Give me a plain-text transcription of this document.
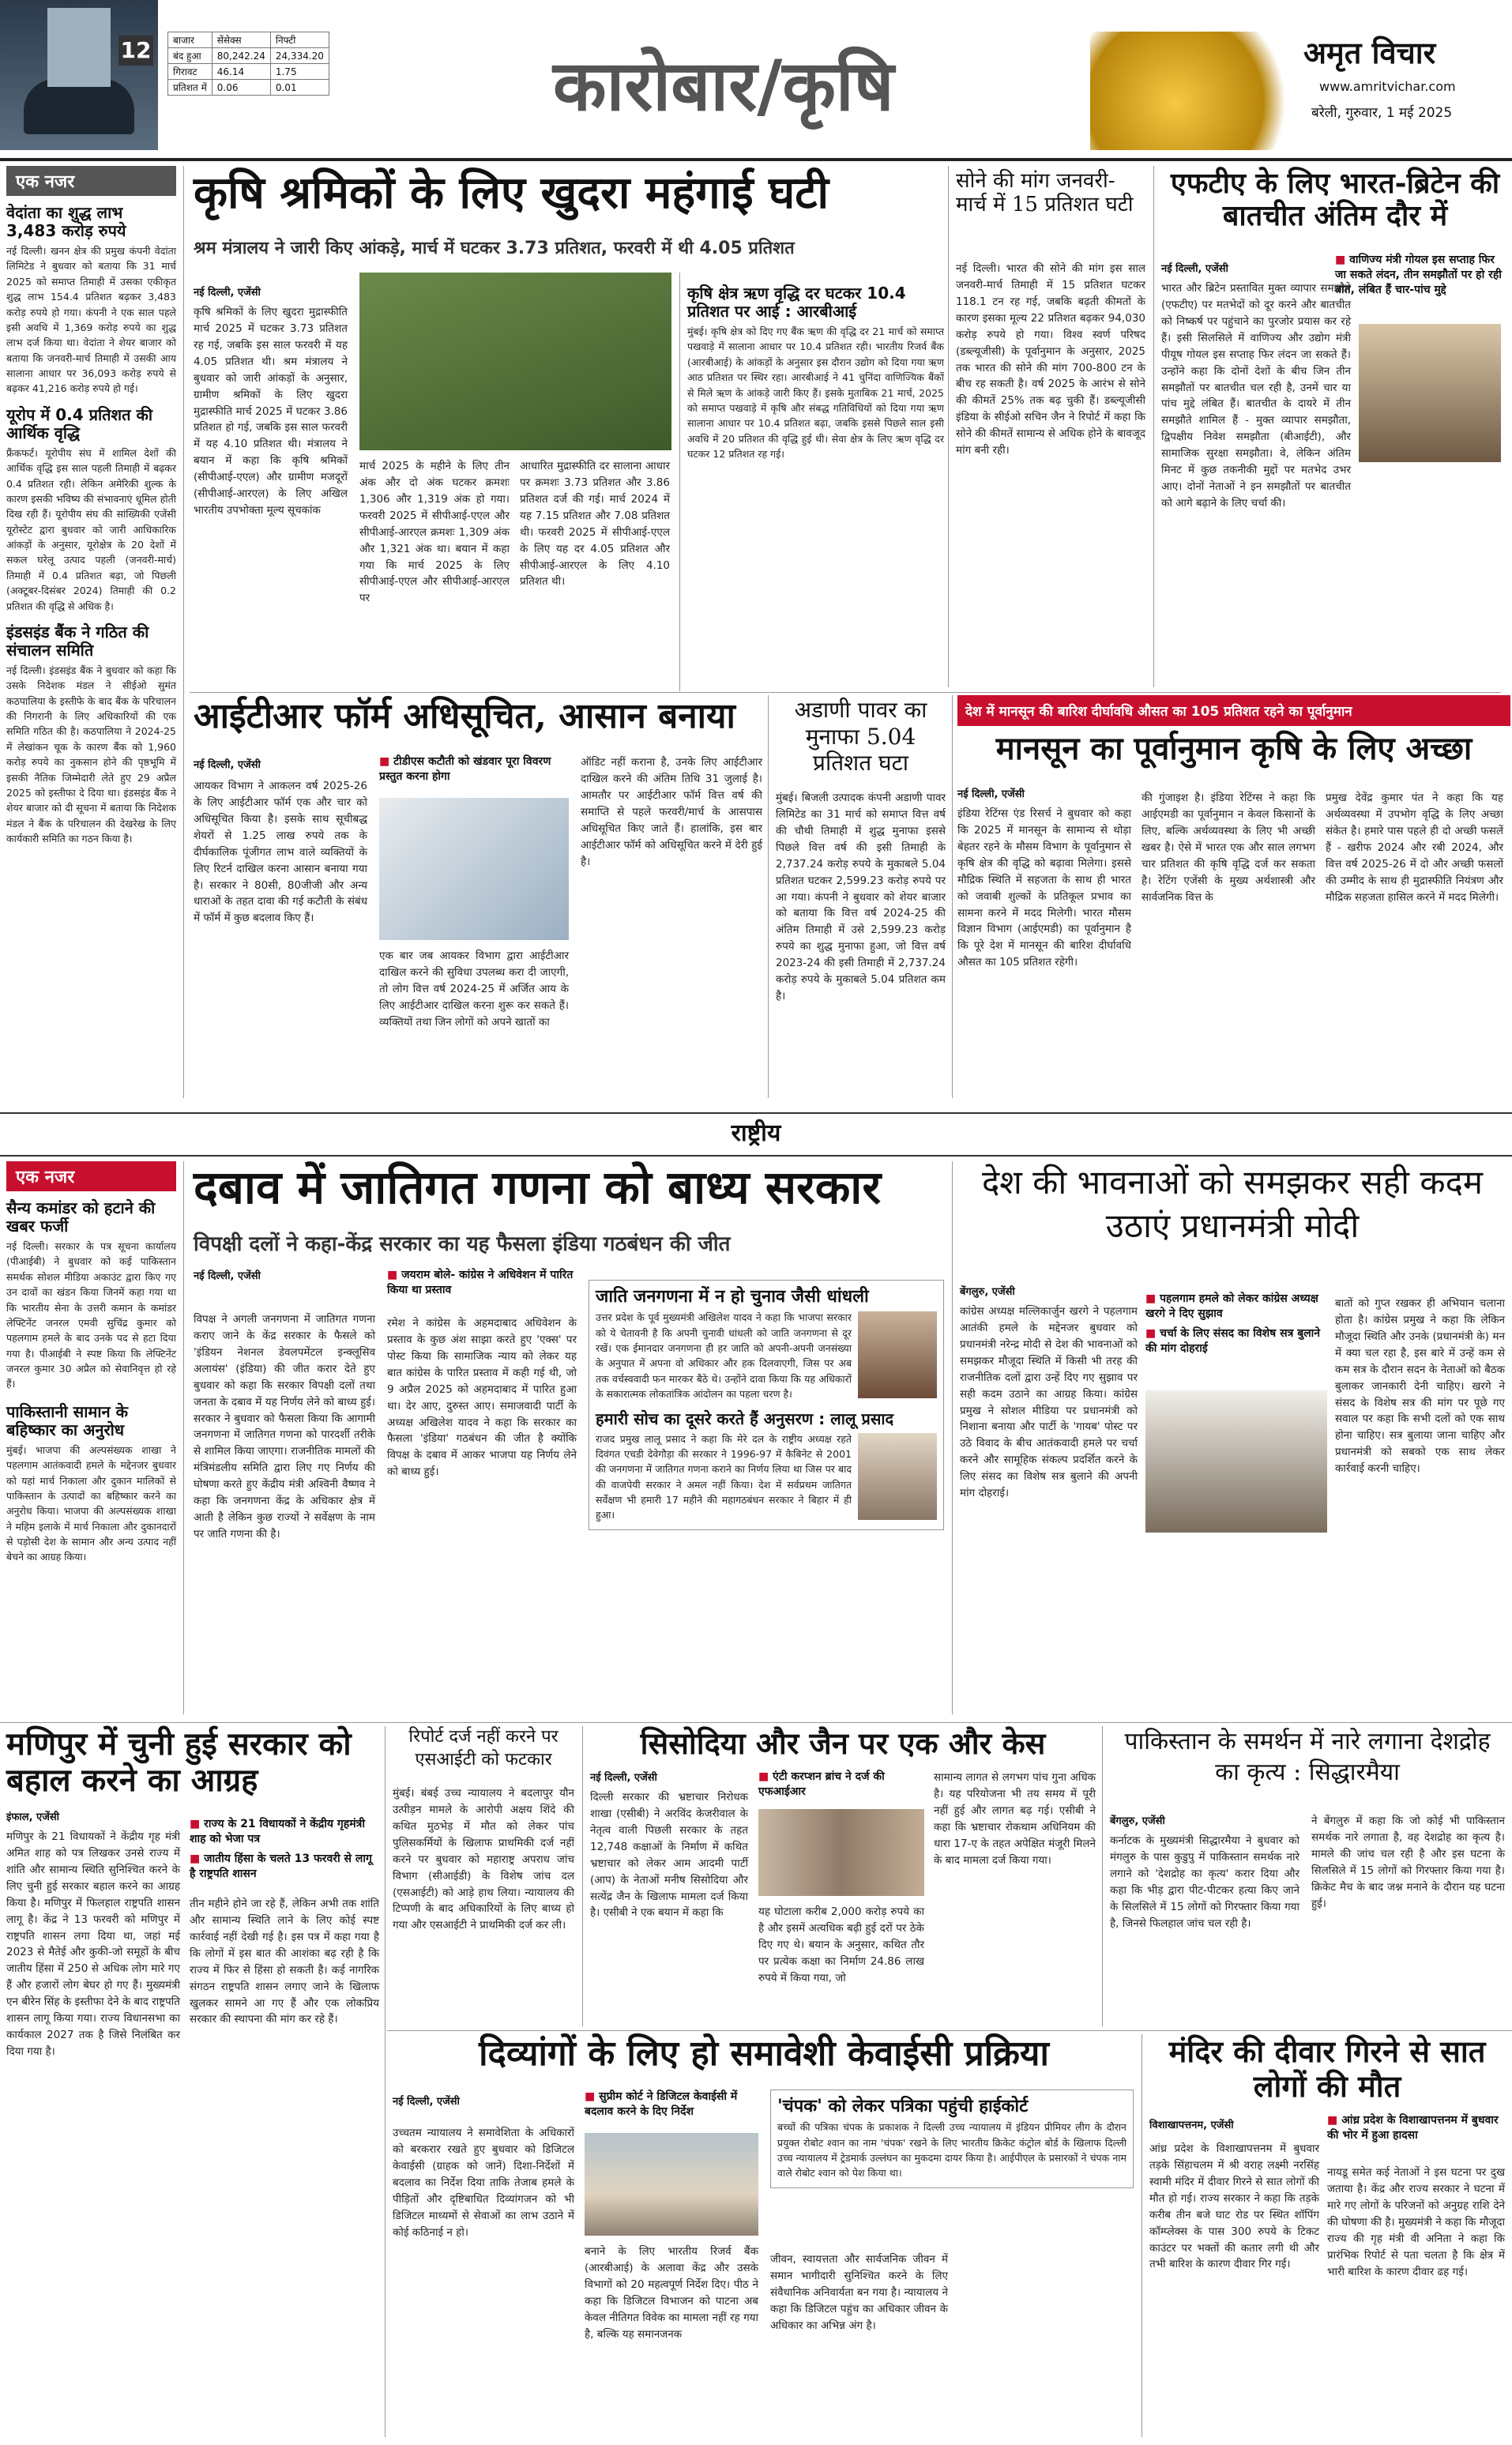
12 बाजार	सेंसेक्स	निफ्टी
बंद हुआ	80,242.24	24,334.20
गिरावट	46.14	1.75
प्रतिशत में	0.06	0.01	कारोबार/कृषि	अमृत विचार
www.amritvichar.com
बरेली, गुरुवार, 1 मई 2025
एक नजर
वेदांता का शुद्ध लाभ 3,483 करोड़ रुपये
नई दिल्ली। खनन क्षेत्र की प्रमुख कंपनी वेदांता लिमिटेड ने बुधवार को बताया कि 31 मार्च 2025 को समाप्त तिमाही में उसका एकीकृत शुद्ध लाभ 154.4 प्रतिशत बढ़कर 3,483 करोड़ रुपये हो गया। कंपनी ने एक साल पहले इसी अवधि में 1,369 करोड़ रुपये का शुद्ध लाभ दर्ज किया था। वेदांता ने शेयर बाजार को बताया कि जनवरी-मार्च तिमाही में उसकी आय सालाना आधार पर 36,093 करोड़ रुपये से बढ़कर 41,216 करोड़ रुपये हो गई।
यूरोप में 0.4 प्रतिशत की आर्थिक वृद्धि
फ्रैंकफर्ट। यूरोपीय संघ में शामिल देशों की आर्थिक वृद्धि इस साल पहली तिमाही में बढ़कर 0.4 प्रतिशत रही। लेकिन अमेरिकी शुल्क के कारण इसकी भविष्य की संभावनाएं धूमिल होती दिख रही हैं। यूरोपीय संघ की सांख्यिकी एजेंसी यूरोस्टेट द्वारा बुधवार को जारी आधिकारिक आंकड़ों के अनुसार, यूरोक्षेत्र के 20 देशों में सकल घरेलू उत्पाद पहली (जनवरी-मार्च) तिमाही में 0.4 प्रतिशत बढ़ा, जो पिछली (अक्टूबर-दिसंबर 2024) तिमाही की 0.2 प्रतिशत की वृद्धि से अधिक है।
इंडसइंड बैंक ने गठित की संचालन समिति
नई दिल्ली। इंडसइंड बैंक ने बुधवार को कहा कि उसके निदेशक मंडल ने सीईओ सुमंत कठपालिया के इस्तीफे के बाद बैंक के परिचालन की निगरानी के लिए अधिकारियों की एक समिति गठित की है। कठपालिया ने 2024-25 में लेखांकन चूक के कारण बैंक को 1,960 करोड़ रुपये का नुकसान होने की पृष्ठभूमि में इसकी नैतिक जिम्मेदारी लेते हुए 29 अप्रैल 2025 को इस्तीफा दे दिया था। इंडसइंड बैंक ने शेयर बाजार को दी सूचना में बताया कि निदेशक मंडल ने बैंक के परिचालन की देखरेख के लिए कार्यकारी समिति का गठन किया है।
कृषि श्रमिकों के लिए खुदरा महंगाई घटी
श्रम मंत्रालय ने जारी किए आंकड़े, मार्च में घटकर 3.73 प्रतिशत, फरवरी में थी 4.05 प्रतिशत
नई दिल्ली, एजेंसी
कृषि श्रमिकों के लिए खुदरा मुद्रास्फीति मार्च 2025 में घटकर 3.73 प्रतिशत रह गई, जबकि इस साल फरवरी में यह 4.05 प्रतिशत थी। श्रम मंत्रालय ने बुधवार को जारी आंकड़ों के अनुसार, ग्रामीण श्रमिकों के लिए खुदरा मुद्रास्फीति मार्च 2025 में घटकर 3.86 प्रतिशत हो गई, जबकि इस साल फरवरी में यह 4.10 प्रतिशत थी। मंत्रालय ने बयान में कहा कि कृषि श्रमिकों (सीपीआई-एएल) और ग्रामीण मजदूरों (सीपीआई-आरएल) के लिए अखिल भारतीय उपभोक्ता मूल्य सूचकांक
मार्च 2025 के महीने के लिए तीन अंक और दो अंक घटकर क्रमशः 1,306 और 1,319 अंक हो गया। फरवरी 2025 में सीपीआई-एएल और सीपीआई-आरएल क्रमशः 1,309 अंक और 1,321 अंक था। बयान में कहा गया कि मार्च 2025 के लिए सीपीआई-एएल और सीपीआई-आरएल पर
आधारित मुद्रास्फीति दर सालाना आधार पर क्रमशः 3.73 प्रतिशत और 3.86 प्रतिशत दर्ज की गई। मार्च 2024 में यह 7.15 प्रतिशत और 7.08 प्रतिशत थी। फरवरी 2025 में सीपीआई-एएल के लिए यह दर 4.05 प्रतिशत और सीपीआई-आरएल के लिए 4.10 प्रतिशत थी।
कृषि क्षेत्र ऋण वृद्धि दर घटकर 10.4 प्रतिशत पर आई : आरबीआई
मुंबई। कृषि क्षेत्र को दिए गए बैंक ऋण की वृद्धि दर 21 मार्च को समाप्त पखवाड़े में सालाना आधार पर 10.4 प्रतिशत रही। भारतीय रिजर्व बैंक (आरबीआई) के आंकड़ों के अनुसार इस दौरान उद्योग को दिया गया ऋण आठ प्रतिशत पर स्थिर रहा। आरबीआई ने 41 चुनिंदा वाणिज्यिक बैंकों से मिले ऋण के आंकड़े जारी किए हैं। इसके मुताबिक 21 मार्च, 2025 को समाप्त पखवाड़े में कृषि और संबद्ध गतिविधियों को दिया गया ऋण सालाना आधार पर 10.4 प्रतिशत बढ़ा, जबकि इससे पिछले साल इसी अवधि में 20 प्रतिशत की वृद्धि हुई थी। सेवा क्षेत्र के लिए ऋण वृद्धि दर घटकर 12 प्रतिशत रह गई।
सोने की मांग जनवरी-मार्च में 15 प्रतिशत घटी
नई दिल्ली। भारत की सोने की मांग इस साल जनवरी-मार्च तिमाही में 15 प्रतिशत घटकर 118.1 टन रह गई, जबकि बढ़ती कीमतों के कारण इसका मूल्य 22 प्रतिशत बढ़कर 94,030 करोड़ रुपये हो गया। विश्व स्वर्ण परिषद (डब्ल्यूजीसी) के पूर्वानुमान के अनुसार, 2025 तक भारत की सोने की मांग 700-800 टन के बीच रह सकती है। वर्ष 2025 के आरंभ से सोने की कीमतें 25% तक बढ़ चुकी हैं। डब्ल्यूजीसी इंडिया के सीईओ सचिन जैन ने रिपोर्ट में कहा कि सोने की कीमतें सामान्य से अधिक होने के बावजूद मांग बनी रही।
एफटीए के लिए भारत-ब्रिटेन की बातचीत अंतिम दौर में
■ वाणिज्य मंत्री गोयल इस सप्ताह फिर जा सकते लंदन, तीन समझौतों पर हो रही बात, लंबित हैं चार-पांच मुद्दे
नई दिल्ली, एजेंसी
भारत और ब्रिटेन प्रस्तावित मुक्त व्यापार समझौते (एफटीए) पर मतभेदों को दूर करने और बातचीत को निष्कर्ष पर पहुंचाने का पुरजोर प्रयास कर रहे हैं। इसी सिलसिले में वाणिज्य और उद्योग मंत्री पीयूष गोयल इस सप्ताह फिर लंदन जा सकते हैं। उन्होंने कहा कि दोनों देशों के बीच जिन तीन समझौतों पर बातचीत चल रही है, उनमें चार या पांच मुद्दे लंबित हैं। बातचीत के दायरे में तीन समझौते शामिल हैं - मुक्त व्यापार समझौता, द्विपक्षीय निवेश समझौता (बीआईटी), और सामाजिक सुरक्षा समझौता। वे, लेकिन अंतिम मिनट में कुछ तकनीकी मुद्दों पर मतभेद उभर आए। दोनों नेताओं ने इन समझौतों पर बातचीत को आगे बढ़ाने के लिए चर्चा की।
आईटीआर फॉर्म अधिसूचित, आसान बनाया
नई दिल्ली, एजेंसी
आयकर विभाग ने आकलन वर्ष 2025-26 के लिए आईटीआर फॉर्म एक और चार को अधिसूचित किया है। इसके साथ सूचीबद्ध शेयरों से 1.25 लाख रुपये तक के दीर्घकालिक पूंजीगत लाभ वाले व्यक्तियों के लिए रिटर्न दाखिल करना आसान बनाया गया है। सरकार ने 80सी, 80जीजी और अन्य धाराओं के तहत दावा की गई कटौती के संबंध में फॉर्म में कुछ बदलाव किए हैं।
■ टीडीएस कटौती को खंडवार पूरा विवरण प्रस्तुत करना होगा
एक बार जब आयकर विभाग द्वारा आईटीआर दाखिल करने की सुविधा उपलब्ध करा दी जाएगी, तो लोग वित्त वर्ष 2024-25 में अर्जित आय के लिए आईटीआर दाखिल करना शुरू कर सकते हैं। व्यक्तियों तथा जिन लोगों को अपने खातों का
ऑडिट नहीं कराना है, उनके लिए आईटीआर दाखिल करने की अंतिम तिथि 31 जुलाई है। आमतौर पर आईटीआर फॉर्म वित्त वर्ष की समाप्ति से पहले फरवरी/मार्च के आसपास अधिसूचित किए जाते हैं। हालांकि, इस बार आईटीआर फॉर्म को अधिसूचित करने में देरी हुई है।
अडाणी पावर का मुनाफा 5.04 प्रतिशत घटा
मुंबई। बिजली उत्पादक कंपनी अडाणी पावर लिमिटेड का 31 मार्च को समाप्त वित्त वर्ष की चौथी तिमाही में शुद्ध मुनाफा इससे पिछले वित्त वर्ष की इसी तिमाही के 2,737.24 करोड़ रुपये के मुकाबले 5.04 प्रतिशत घटकर 2,599.23 करोड़ रुपये पर आ गया। कंपनी ने बुधवार को शेयर बाजार को बताया कि वित्त वर्ष 2024-25 की अंतिम तिमाही में उसे 2,599.23 करोड़ रुपये का शुद्ध मुनाफा हुआ, जो वित्त वर्ष 2023-24 की इसी तिमाही में 2,737.24 करोड़ रुपये के मुकाबले 5.04 प्रतिशत कम है।
देश में मानसून की बारिश दीर्घावधि औसत का 105 प्रतिशत रहने का पूर्वानुमान
मानसून का पूर्वानुमान कृषि के लिए अच्छा
नई दिल्ली, एजेंसी
इंडिया रेटिंग्स एंड रिसर्च ने बुधवार को कहा कि 2025 में मानसून के सामान्य से थोड़ा बेहतर रहने के मौसम विभाग के पूर्वानुमान से कृषि क्षेत्र की वृद्धि को बढ़ावा मिलेगा। इससे मौद्रिक स्थिति में सहजता के साथ ही भारत को जवाबी शुल्कों के प्रतिकूल प्रभाव का सामना करने में मदद मिलेगी। भारत मौसम विज्ञान विभाग (आईएमडी) का पूर्वानुमान है कि पूरे देश में मानसून की बारिश दीर्घावधि औसत का 105 प्रतिशत रहेगी।
की गुंजाइश है। इंडिया रेटिंग्स ने कहा कि आईएमडी का पूर्वानुमान न केवल किसानों के लिए, बल्कि अर्थव्यवस्था के लिए भी अच्छी खबर है। ऐसे में भारत एक और साल लगभग चार प्रतिशत की कृषि वृद्धि दर्ज कर सकता है। रेटिंग एजेंसी के मुख्य अर्थशास्त्री और सार्वजनिक वित्त के
प्रमुख देवेंद्र कुमार पंत ने कहा कि यह अर्थव्यवस्था में उपभोग वृद्धि के लिए अच्छा संकेत है। हमारे पास पहले ही दो अच्छी फसलें हैं - खरीफ 2024 और रबी 2024, और वित्त वर्ष 2025-26 में दो और अच्छी फसलों की उम्मीद के साथ ही मुद्रास्फीति नियंत्रण और मौद्रिक सहजता हासिल करने में मदद मिलेगी।
राष्ट्रीय
एक नजर
सैन्य कमांडर को हटाने की खबर फर्जी
नई दिल्ली। सरकार के पत्र सूचना कार्यालय (पीआईबी) ने बुधवार को कई पाकिस्तान समर्थक सोशल मीडिया अकाउंट द्वारा किए गए उन दावों का खंडन किया जिनमें कहा गया था कि भारतीय सेना के उत्तरी कमान के कमांडर लेफ्टिनेंट जनरल एमवी सुचिंद्र कुमार को पहलगाम हमले के बाद उनके पद से हटा दिया गया है। पीआईबी ने स्पष्ट किया कि लेफ्टिनेंट जनरल कुमार 30 अप्रैल को सेवानिवृत्त हो रहे हैं।
पाकिस्तानी सामान के बहिष्कार का अनुरोध
मुंबई। भाजपा की अल्पसंख्यक शाखा ने पहलगाम आतंकवादी हमले के मद्देनजर बुधवार को यहां मार्च निकाला और दुकान मालिकों से पाकिस्तान के उत्पादों का बहिष्कार करने का अनुरोध किया। भाजपा की अल्पसंख्यक शाखा ने महिम इलाके में मार्च निकाला और दुकानदारों से पड़ोसी देश के सामान और अन्य उत्पाद नहीं बेचने का आग्रह किया।
दबाव में जातिगत गणना को बाध्य सरकार
विपक्षी दलों ने कहा-केंद्र सरकार का यह फैसला इंडिया गठबंधन की जीत
नई दिल्ली, एजेंसी
विपक्ष ने अगली जनगणना में जातिगत गणना कराए जाने के केंद्र सरकार के फैसले को 'इंडियन नेशनल डेवलपमेंटल इन्क्लूसिव अलायंस' (इंडिया) की जीत करार देते हुए बुधवार को कहा कि सरकार विपक्षी दलों तथा जनता के दबाव में यह निर्णय लेने को बाध्य हुई। सरकार ने बुधवार को फैसला किया कि आगामी जनगणना में जातिगत गणना को पारदर्शी तरीके से शामिल किया जाएगा। राजनीतिक मामलों की मंत्रिमंडलीय समिति द्वारा लिए गए निर्णय की घोषणा करते हुए केंद्रीय मंत्री अश्विनी वैष्णव ने कहा कि जनगणना केंद्र के अधिकार क्षेत्र में आती है लेकिन कुछ राज्यों ने सर्वेक्षण के नाम पर जाति गणना की है।
■ जयराम बोले- कांग्रेस ने अधिवेशन में पारित किया था प्रस्ताव
रमेश ने कांग्रेस के अहमदाबाद अधिवेशन के प्रस्ताव के कुछ अंश साझा करते हुए 'एक्स' पर पोस्ट किया कि सामाजिक न्याय को लेकर यह बात कांग्रेस के पारित प्रस्ताव में कही गई थी, जो 9 अप्रैल 2025 को अहमदाबाद में पारित हुआ था। देर आए, दुरुस्त आए। समाजवादी पार्टी के अध्यक्ष अखिलेश यादव ने कहा कि सरकार का फैसला 'इंडिया' गठबंधन की जीत है क्योंकि विपक्ष के दबाव में आकर भाजपा यह निर्णय लेने को बाध्य हुई।
जाति जनगणना में न हो चुनाव जैसी धांधली
उत्तर प्रदेश के पूर्व मुख्यमंत्री अखिलेश यादव ने कहा कि भाजपा सरकार को ये चेतावनी है कि अपनी चुनावी धांधली को जाति जनगणना से दूर रखें। एक ईमानदार जनगणना ही हर जाति को अपनी-अपनी जनसंख्या के अनुपात में अपना वो अधिकार और हक दिलवाएगी, जिस पर अब तक वर्चस्ववादी फन मारकर बैठे थे। उन्होंने दावा किया कि यह अधिकारों के सकारात्मक लोकतांत्रिक आंदोलन का पहला चरण है।
हमारी सोच का दूसरे करते हैं अनुसरण : लालू प्रसाद
राजद प्रमुख लालू प्रसाद ने कहा कि मेरे दल के राष्ट्रीय अध्यक्ष रहते दिवंगत एचडी देवेगौड़ा की सरकार ने 1996-97 में कैबिनेट से 2001 की जनगणना में जातिगत गणना कराने का निर्णय लिया था जिस पर बाद की वाजपेयी सरकार ने अमल नहीं किया। देश में सर्वप्रथम जातिगत सर्वेक्षण भी हमारी 17 महीने की महागठबंधन सरकार ने बिहार में ही हुआ।
देश की भावनाओं को समझकर सही कदम उठाएं प्रधानमंत्री मोदी
बेंगलुरु, एजेंसी
कांग्रेस अध्यक्ष मल्लिकार्जुन खरगे ने पहलगाम आतंकी हमले के मद्देनजर बुधवार को प्रधानमंत्री नरेन्द्र मोदी से देश की भावनाओं को समझकर मौजूदा स्थिति में किसी भी तरह की राजनीतिक दलों द्वारा उन्हें दिए गए सुझाव पर सही कदम उठाने का आग्रह किया। कांग्रेस प्रमुख ने सोशल मीडिया पर प्रधानमंत्री को निशाना बनाया और पार्टी के 'गायब' पोस्ट पर उठे विवाद के बीच आतंकवादी हमले पर चर्चा करने और सामूहिक संकल्प प्रदर्शित करने के लिए संसद का विशेष सत्र बुलाने की अपनी मांग दोहराई।
■ पहलगाम हमले को लेकर कांग्रेस अध्यक्ष खरगे ने दिए सुझाव
■ चर्चा के लिए संसद का विशेष सत्र बुलाने की मांग दोहराई
बातों को गुप्त रखकर ही अभियान चलाना होता है। कांग्रेस प्रमुख ने कहा कि लेकिन मौजूदा स्थिति और उनके (प्रधानमंत्री के) मन में क्या चल रहा है, इस बारे में उन्हें कम से कम सत्र के दौरान सदन के नेताओं को बैठक बुलाकर जानकारी देनी चाहिए। खरगे ने संसद के विशेष सत्र की मांग पर पूछे गए सवाल पर कहा कि सभी दलों को एक साथ होना चाहिए। सत्र बुलाया जाना चाहिए और प्रधानमंत्री को सबको एक साथ लेकर कार्रवाई करनी चाहिए।
मणिपुर में चुनी हुई सरकार को बहाल करने का आग्रह
इंफाल, एजेंसी
मणिपुर के 21 विधायकों ने केंद्रीय गृह मंत्री अमित शाह को पत्र लिखकर उनसे राज्य में शांति और सामान्य स्थिति सुनिश्चित करने के लिए चुनी हुई सरकार बहाल करने का आग्रह किया है। मणिपुर में फिलहाल राष्ट्रपति शासन लागू है। केंद्र ने 13 फरवरी को मणिपुर में राष्ट्रपति शासन लगा दिया था, जहां मई 2023 से मैतेई और कुकी-जो समूहों के बीच जातीय हिंसा में 250 से अधिक लोग मारे गए हैं और हजारों लोग बेघर हो गए हैं। मुख्यमंत्री एन बीरेन सिंह के इस्तीफा देने के बाद राष्ट्रपति शासन लागू किया गया। राज्य विधानसभा का कार्यकाल 2027 तक है जिसे निलंबित कर दिया गया है।
■ राज्य के 21 विधायकों ने केंद्रीय गृहमंत्री शाह को भेजा पत्र
■ जातीय हिंसा के चलते 13 फरवरी से लागू है राष्ट्रपति शासन
तीन महीने होने जा रहे हैं, लेकिन अभी तक शांति और सामान्य स्थिति लाने के लिए कोई स्पष्ट कार्रवाई नहीं देखी गई है। इस पत्र में कहा गया है कि लोगों में इस बात की आशंका बढ़ रही है कि राज्य में फिर से हिंसा हो सकती है। कई नागरिक संगठन राष्ट्रपति शासन लगाए जाने के खिलाफ खुलकर सामने आ गए हैं और एक लोकप्रिय सरकार की स्थापना की मांग कर रहे हैं।
रिपोर्ट दर्ज नहीं करने पर एसआईटी को फटकार
मुंबई। बंबई उच्च न्यायालय ने बदलापुर यौन उत्पीड़न मामले के आरोपी अक्षय शिंदे की कथित मुठभेड़ में मौत को लेकर पांच पुलिसकर्मियों के खिलाफ प्राथमिकी दर्ज नहीं करने पर बुधवार को महाराष्ट्र अपराध जांच विभाग (सीआईडी) के विशेष जांच दल (एसआईटी) को आड़े हाथ लिया। न्यायालय की टिप्पणी के बाद अधिकारियों के लिए बाध्य हो गया और एसआईटी ने प्राथमिकी दर्ज कर ली।
सिसोदिया और जैन पर एक और केस
नई दिल्ली, एजेंसी
दिल्ली सरकार की भ्रष्टाचार निरोधक शाखा (एसीबी) ने अरविंद केजरीवाल के नेतृत्व वाली पिछली सरकार के तहत 12,748 कक्षाओं के निर्माण में कथित भ्रष्टाचार को लेकर आम आदमी पार्टी (आप) के नेताओं मनीष सिसोदिया और सत्येंद्र जैन के खिलाफ मामला दर्ज किया है। एसीबी ने एक बयान में कहा कि
■ एंटी करप्शन ब्रांच ने दर्ज की एफआईआर
यह घोटाला करीब 2,000 करोड़ रुपये का है और इसमें अत्यधिक बढ़ी हुई दरों पर ठेके दिए गए थे। बयान के अनुसार, कथित तौर पर प्रत्येक कक्षा का निर्माण 24.86 लाख रुपये में किया गया, जो
सामान्य लागत से लगभग पांच गुना अधिक है। यह परियोजना भी तय समय में पूरी नहीं हुई और लागत बढ़ गई। एसीबी ने कहा कि भ्रष्टाचार रोकथाम अधिनियम की धारा 17-ए के तहत अपेक्षित मंजूरी मिलने के बाद मामला दर्ज किया गया।
पाकिस्तान के समर्थन में नारे लगाना देशद्रोह का कृत्य : सिद्धारमैया
बेंगलुरु, एजेंसी
कर्नाटक के मुख्यमंत्री सिद्धारमैया ने बुधवार को मंगलुरु के पास कुडुपु में पाकिस्तान समर्थक नारे लगाने को 'देशद्रोह का कृत्य' करार दिया और कहा कि भीड़ द्वारा पीट-पीटकर हत्या किए जाने के सिलसिले में 15 लोगों को गिरफ्तार किया गया है, जिनसे फिलहाल जांच चल रही है।
ने बेंगलुरु में कहा कि जो कोई भी पाकिस्तान समर्थक नारे लगाता है, वह देशद्रोह का कृत्य है। मामले की जांच चल रही है और इस घटना के सिलसिले में 15 लोगों को गिरफ्तार किया गया है। क्रिकेट मैच के बाद जश्न मनाने के दौरान यह घटना हुई।
दिव्यांगों के लिए हो समावेशी केवाईसी प्रक्रिया
नई दिल्ली, एजेंसी
उच्चतम न्यायालय ने समावेशिता के अधिकारों को बरकरार रखते हुए बुधवार को डिजिटल केवाईसी (ग्राहक को जानें) दिशा-निर्देशों में बदलाव का निर्देश दिया ताकि तेजाब हमले के पीड़ितों और दृष्टिबाधित दिव्यांगजन को भी डिजिटल माध्यमों से सेवाओं का लाभ उठाने में कोई कठिनाई न हो।
■ सुप्रीम कोर्ट ने डिजिटल केवाईसी में बदलाव करने के दिए निर्देश
बनाने के लिए भारतीय रिजर्व बैंक (आरबीआई) के अलावा केंद्र और उसके विभागों को 20 महत्वपूर्ण निर्देश दिए। पीठ ने कहा कि डिजिटल विभाजन को पाटना अब केवल नीतिगत विवेक का मामला नहीं रह गया है, बल्कि यह समानजनक
'चंपक' को लेकर पत्रिका पहुंची हाईकोर्ट
बच्चों की पत्रिका चंपक के प्रकाशक ने दिल्ली उच्च न्यायालय में इंडियन प्रीमियर लीग के दौरान प्रयुक्त रोबोट श्वान का नाम 'चंपक' रखने के लिए भारतीय क्रिकेट कंट्रोल बोर्ड के खिलाफ दिल्ली उच्च न्यायालय में ट्रेडमार्क उल्लंघन का मुकदमा दायर किया है। आईपीएल के प्रसारकों ने चंपक नाम वाले रोबोट श्वान को पेश किया था।
जीवन, स्वायत्तता और सार्वजनिक जीवन में समान भागीदारी सुनिश्चित करने के लिए संवैधानिक अनिवार्यता बन गया है। न्यायालय ने कहा कि डिजिटल पहुंच का अधिकार जीवन के अधिकार का अभिन्न अंग है।
मंदिर की दीवार गिरने से सात लोगों की मौत
विशाखापत्तनम, एजेंसी	■ आंध्र प्रदेश के विशाखापत्तनम में बुधवार की भोर में हुआ हादसा
आंध्र प्रदेश के विशाखापत्तनम में बुधवार तड़के सिंहाचलम में श्री वराह लक्ष्मी नरसिंह स्वामी मंदिर में दीवार गिरने से सात लोगों की मौत हो गई। राज्य सरकार ने कहा कि तड़के करीब तीन बजे घाट रोड पर स्थित शॉपिंग कॉम्प्लेक्स के पास 300 रुपये के टिकट काउंटर पर भक्तों की कतार लगी थी और तभी बारिश के कारण दीवार गिर गई।
नायडू समेत कई नेताओं ने इस घटना पर दुख जताया है। केंद्र और राज्य सरकार ने घटना में मारे गए लोगों के परिजनों को अनुग्रह राशि देने की घोषणा की है। मुख्यमंत्री ने कहा कि मौजूदा राज्य की गृह मंत्री वी अनिता ने कहा कि प्रारंभिक रिपोर्ट से पता चलता है कि क्षेत्र में भारी बारिश के कारण दीवार ढह गई।
